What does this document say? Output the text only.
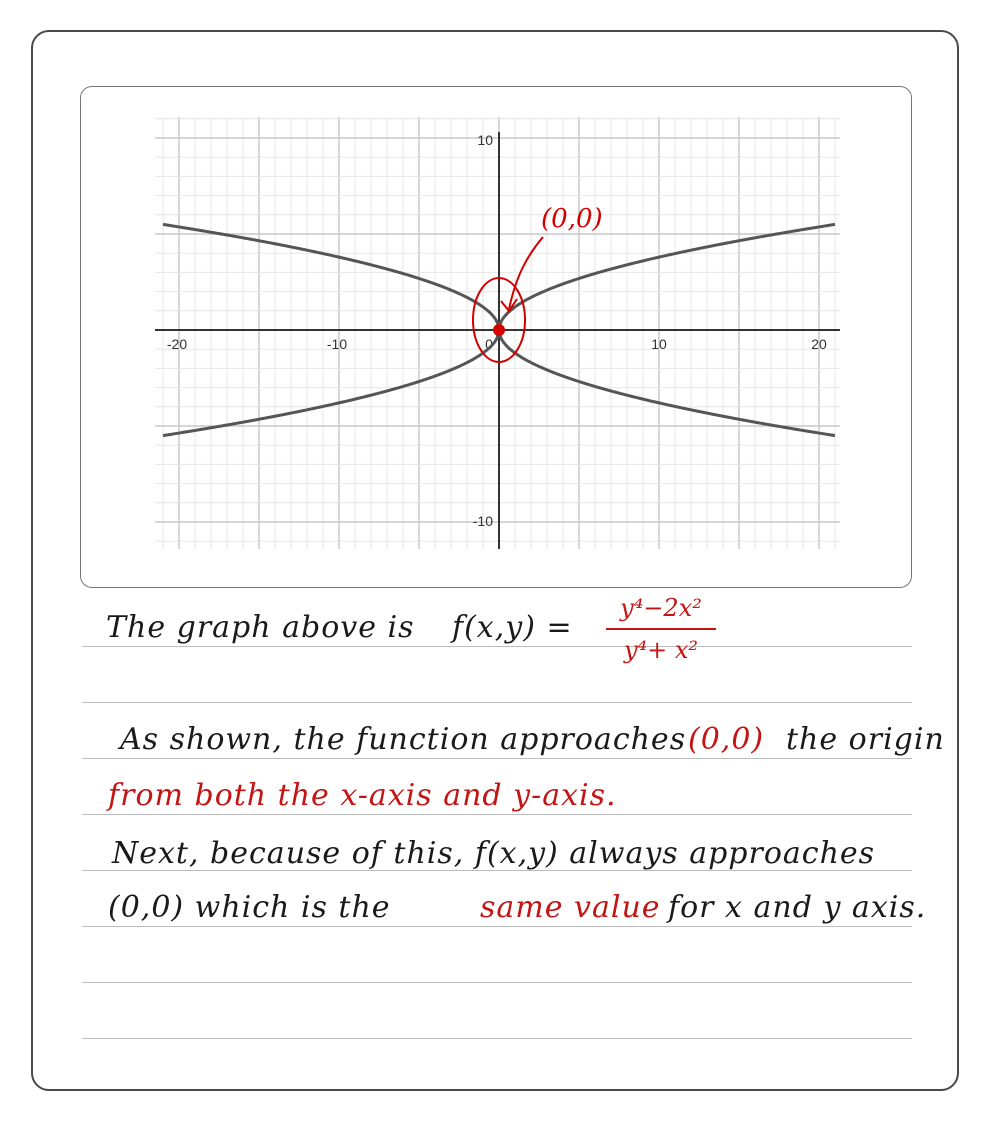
-20	-10	0	10	20
10
-10
(0,0)
The graph above is f(x,y) =
y⁴−2x²
y⁴+ x²
As shown, the function approaches (0,0) the origin
from both the x-axis and y-axis.
Next, because of this, f(x,y) always approaches
(0,0) which is the	same value for x and y axis.
